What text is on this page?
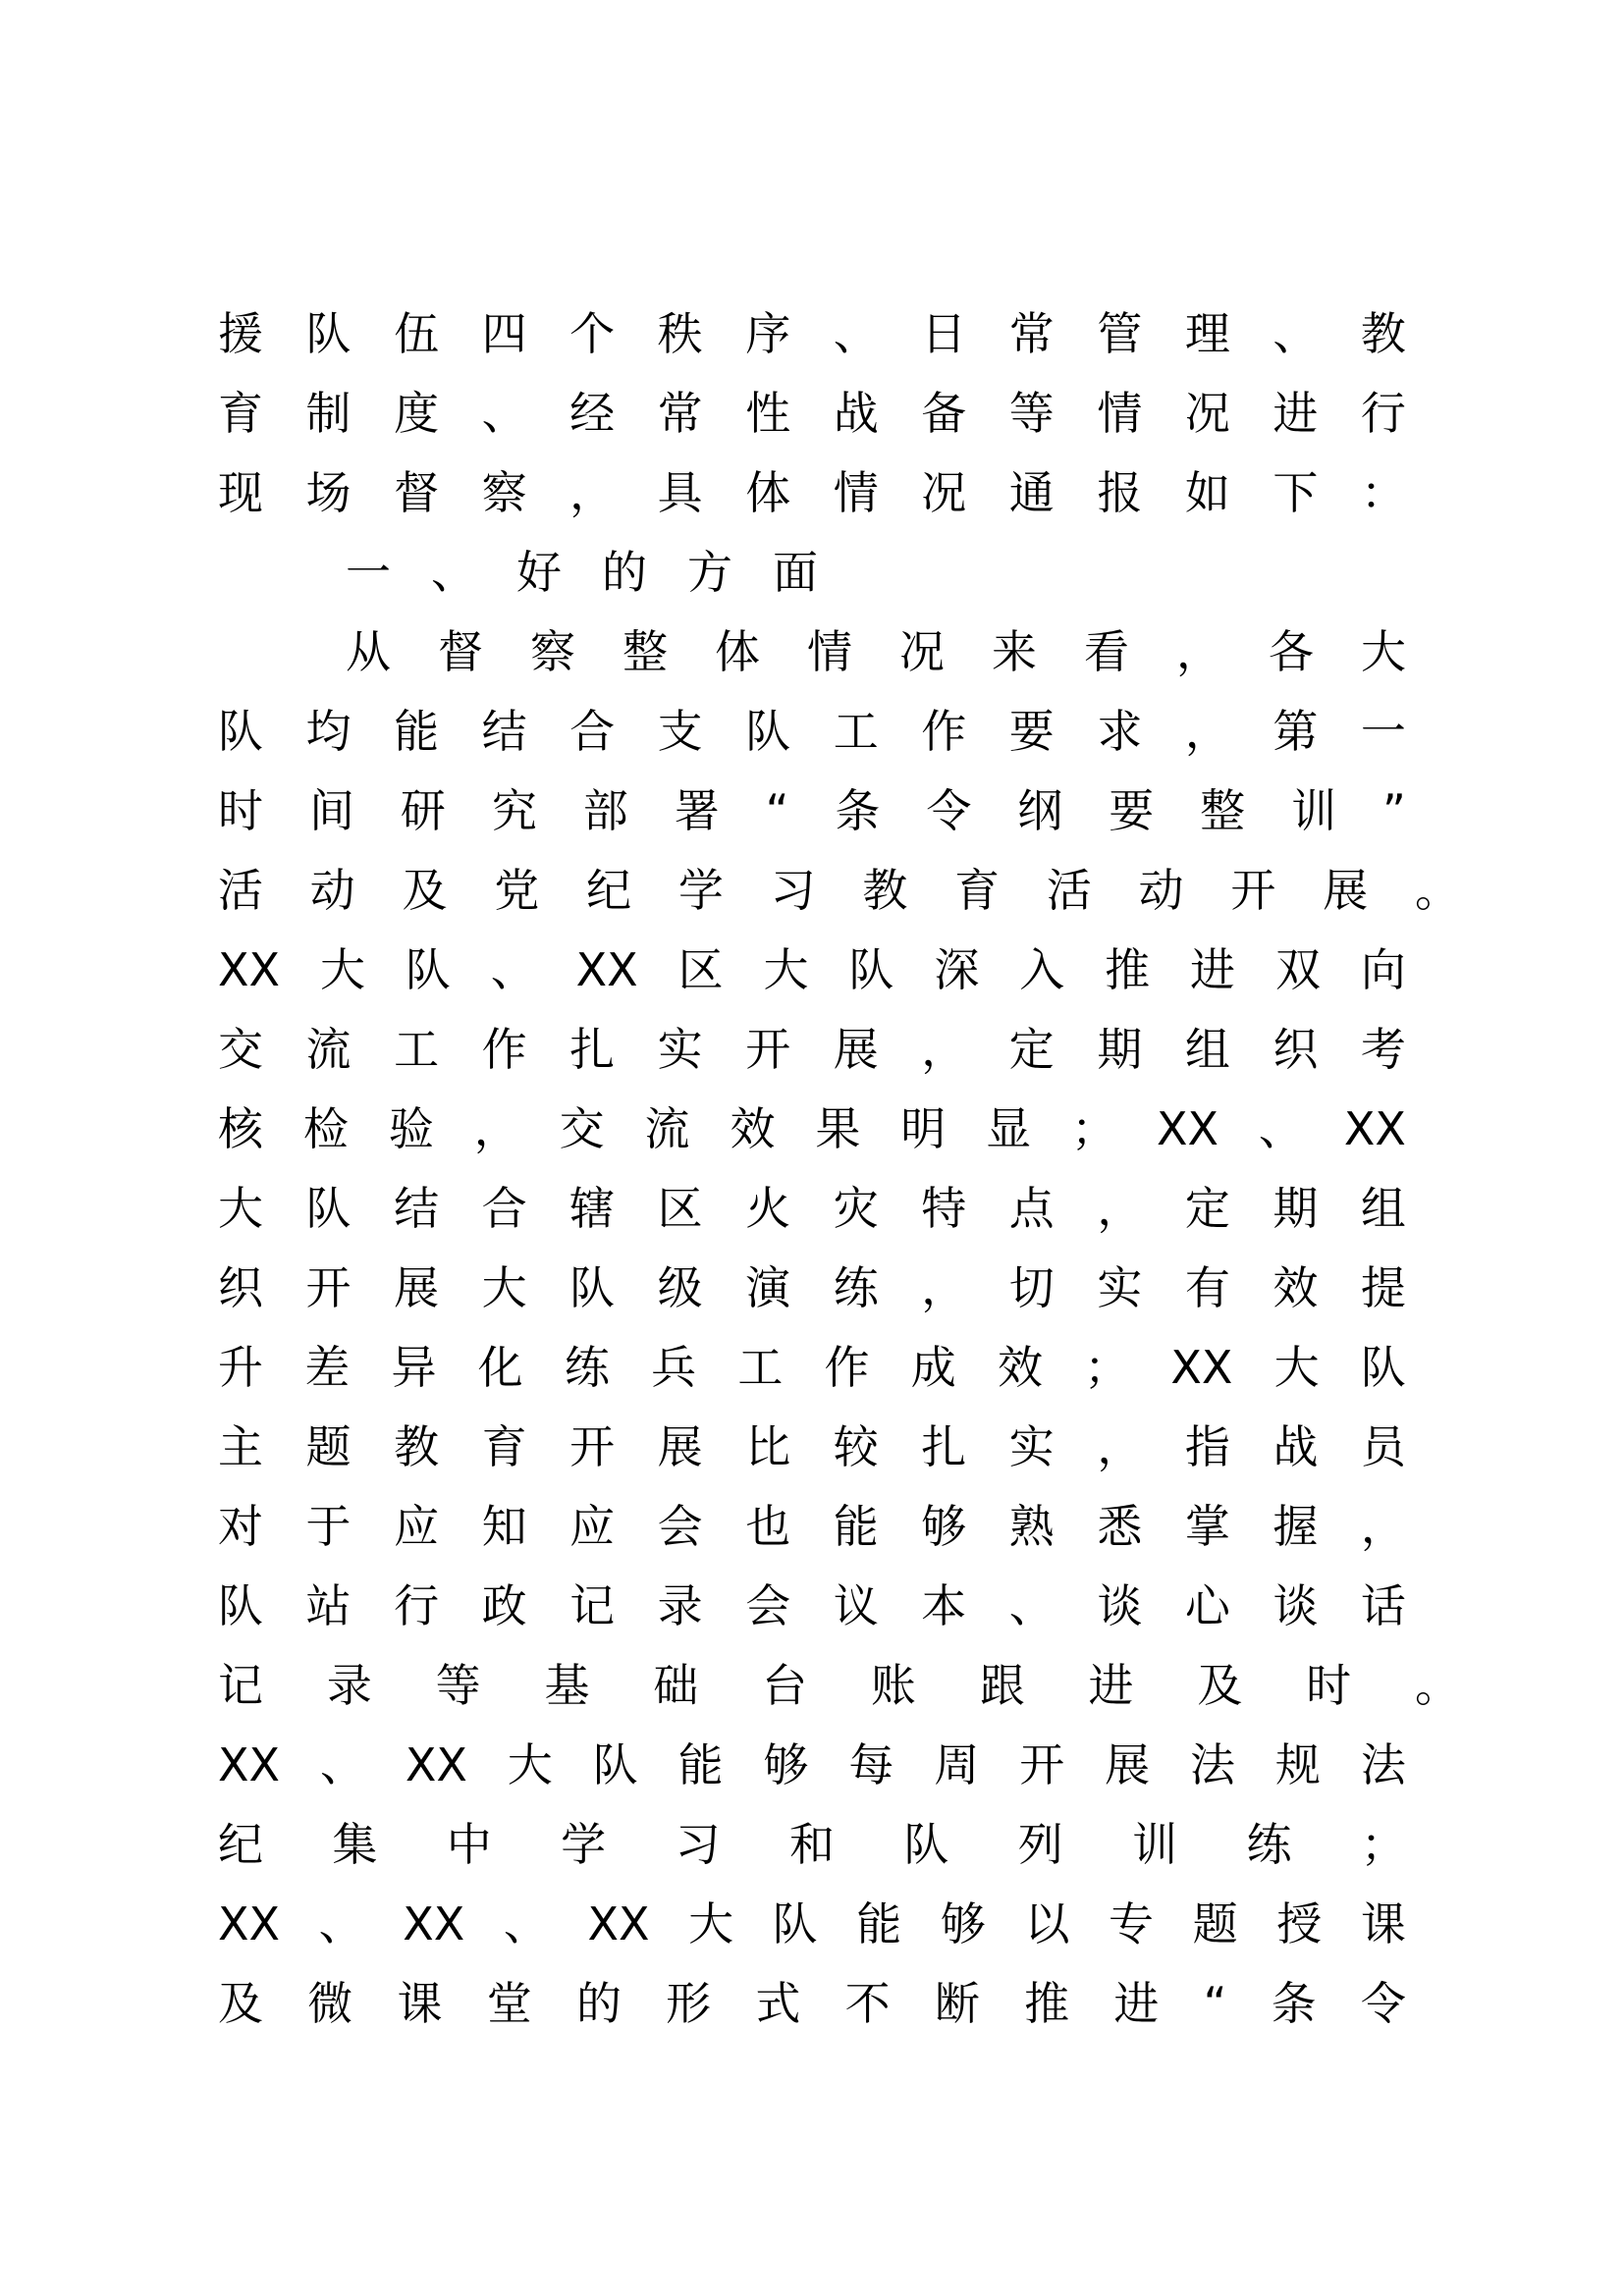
援 队 伍 四 个 秩 序 、 日 常 管 理 、 教
育 制 度 、 经 常 性 战 备 等 情 况 进 行
现 场 督 察 ， 具 体 情 况 通 报 如 下 ：
一 、 好 的 方 面
从 督 察 整 体 情 况 来 看 ， 各 大
队 均 能 结 合 支 队 工 作 要 求 ， 第 一
时 间 研 究 部 署 “ 条 令 纲 要 整 训 ”
活 动 及 党 纪 学 习 教 育 活 动 开 展 。
XX 大 队 、 XX 区 大 队 深 入 推 进 双 向
交 流 工 作 扎 实 开 展 ， 定 期 组 织 考
核 检 验 ， 交 流 效 果 明 显 ； XX 、 XX
大 队 结 合 辖 区 火 灾 特 点 ， 定 期 组
织 开 展 大 队 级 演 练 ， 切 实 有 效 提
升 差 异 化 练 兵 工 作 成 效 ； XX 大 队
主 题 教 育 开 展 比 较 扎 实 ， 指 战 员
对 于 应 知 应 会 也 能 够 熟 悉 掌 握 ，
队 站 行 政 记 录 会 议 本 、 谈 心 谈 话
记 录 等 基 础 台 账 跟 进 及 时 。
XX 、 XX 大 队 能 够 每 周 开 展 法 规 法
纪 集 中 学 习 和 队 列 训 练 ；
XX 、 XX 、 XX 大 队 能 够 以 专 题 授 课
及 微 课 堂 的 形 式 不 断 推 进 “ 条 令
